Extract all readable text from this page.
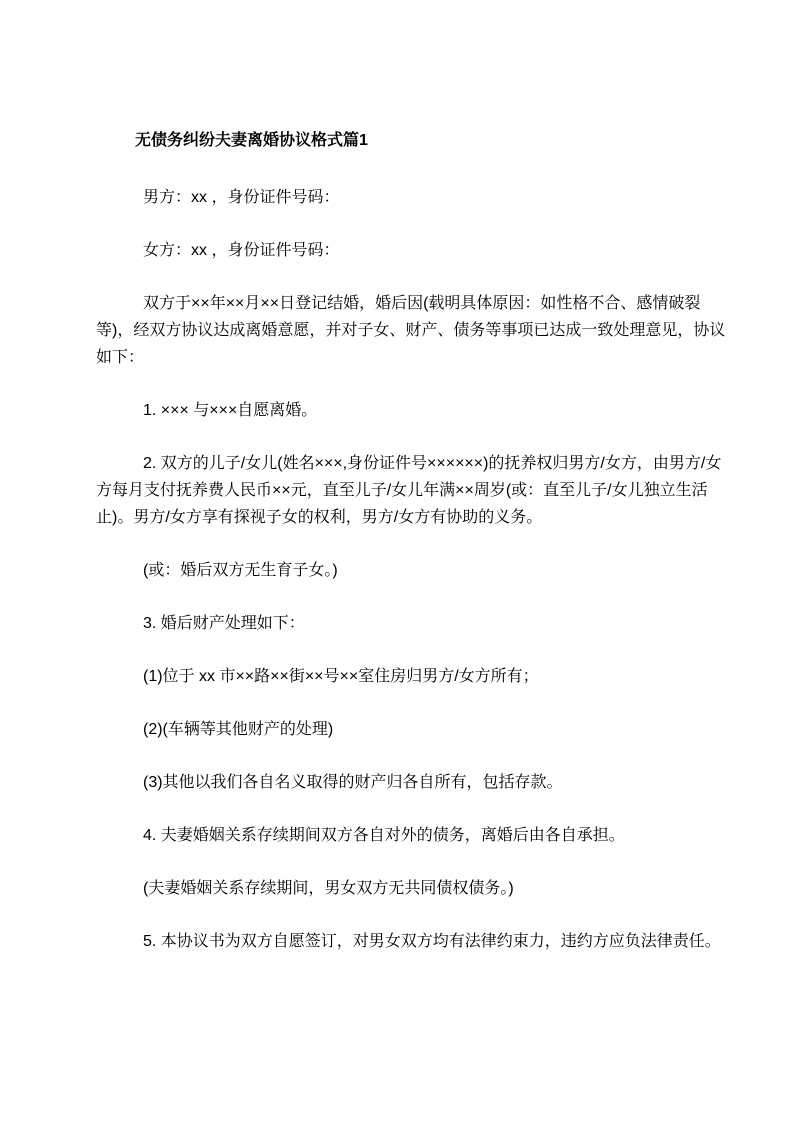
无债务纠纷夫妻离婚协议格式篇1

男方：xx ，身份证件号码：

女方：xx ，身份证件号码：

双方于××年××月××日登记结婚，婚后因(载明具体原因：如性格不合、感情破裂等)，经双方协议达成离婚意愿，并对子女、财产、债务等事项已达成一致处理意见，协议如下：

1. ××× 与×××自愿离婚。

2. 双方的儿子/女儿(姓名×××,身份证件号××××××)的抚养权归男方/女方，由男方/女方每月支付抚养费人民币××元，直至儿子/女儿年满××周岁(或：直至儿子/女儿独立生活止)。男方/女方享有探视子女的权利，男方/女方有协助的义务。

(或：婚后双方无生育子女。)

3. 婚后财产处理如下：

(1)位于 xx 市××路××街××号××室住房归男方/女方所有；

(2)(车辆等其他财产的处理)

(3)其他以我们各自名义取得的财产归各自所有，包括存款。

4. 夫妻婚姻关系存续期间双方各自对外的债务，离婚后由各自承担。

(夫妻婚姻关系存续期间，男女双方无共同债权债务。)

5. 本协议书为双方自愿签订，对男女双方均有法律约束力，违约方应负法律责任。
